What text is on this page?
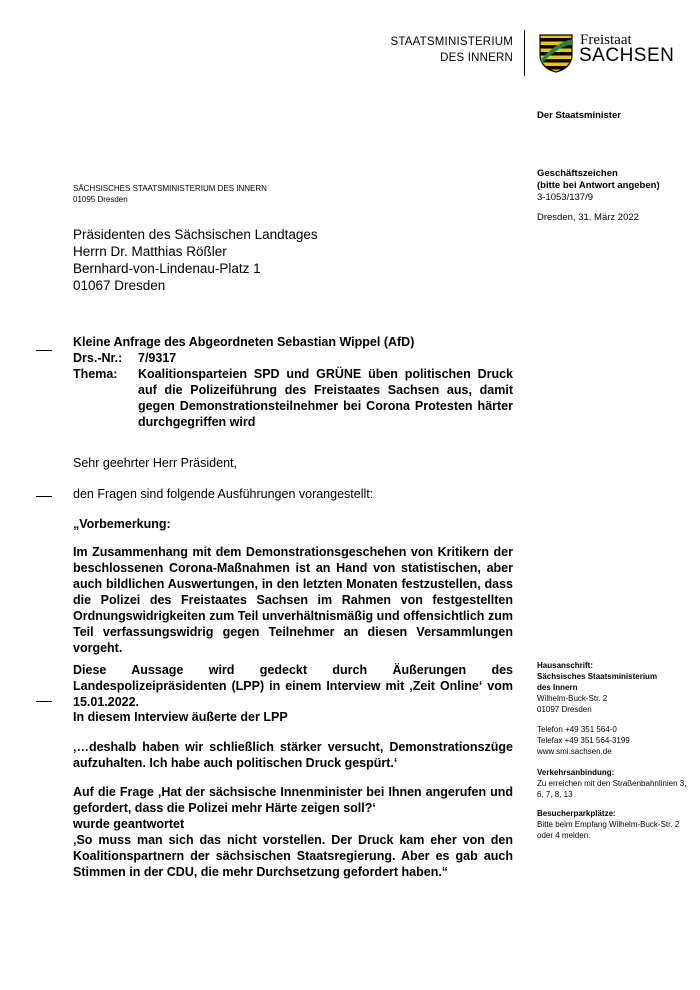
STAATSMINISTERIUM
DES INNERN
Freistaat
SACHSEN
Der Staatsminister
Geschäftszeichen
(bitte bei Antwort angeben)
3-1053/137/9
Dresden, 31. März 2022
SÄCHSISCHES STAATSMINISTERIUM DES INNERN
01095 Dresden
Präsidenten des Sächsischen Landtages
Herrn Dr. Matthias Rößler
Bernhard-von-Lindenau-Platz 1
01067 Dresden
Kleine Anfrage des Abgeordneten Sebastian Wippel (AfD)
Drs.-Nr.:	7/9317
Thema:	Koalitionsparteien SPD und GRÜNE üben politischen Druck auf die Polizeiführung des Freistaates Sachsen aus, damit gegen Demonstrationsteilnehmer bei Corona Protesten härter durchgegriffen wird
Sehr geehrter Herr Präsident,
den Fragen sind folgende Ausführungen vorangestellt:
„Vorbemerkung:
Im Zusammenhang mit dem Demonstrationsgeschehen von Kritikern der beschlossenen Corona-Maßnahmen ist an Hand von statistischen, aber auch bildlichen Auswertungen, in den letzten Monaten festzustellen, dass die Polizei des Freistaates Sachsen im Rahmen von festgestellten Ordnungswidrigkeiten zum Teil unverhältnismäßig und offensichtlich zum Teil verfassungswidrig gegen Teilnehmer an diesen Versammlungen vorgeht.
Diese Aussage wird gedeckt durch Äußerungen des Landespolizeipräsidenten (LPP) in einem Interview mit ‚Zeit Online‘ vom 15.01.2022.
In diesem Interview äußerte der LPP
‚…deshalb haben wir schließlich stärker versucht, Demonstrationszüge aufzuhalten. Ich habe auch politischen Druck gespürt.‘
Auf die Frage ‚Hat der sächsische Innenminister bei Ihnen angerufen und gefordert, dass die Polizei mehr Härte zeigen soll?‘
wurde geantwortet
‚So muss man sich das nicht vorstellen. Der Druck kam eher von den Koalitionspartnern der sächsischen Staatsregierung. Aber es gab auch Stimmen in der CDU, die mehr Durchsetzung gefordert haben.“
Hausanschrift:
Sächsisches Staatsministerium
des Innern
Wilhelm-Buck-Str. 2
01097 Dresden
Telefon +49 351 564-0
Telefax +49 351 564-3199
www.smi.sachsen.de
Verkehrsanbindung:
Zu erreichen mit den Straßenbahnlinien 3, 6, 7, 8, 13
Besucherparkplätze:
Bitte beim Empfang Wilhelm-Buck-Str. 2 oder 4 melden.
